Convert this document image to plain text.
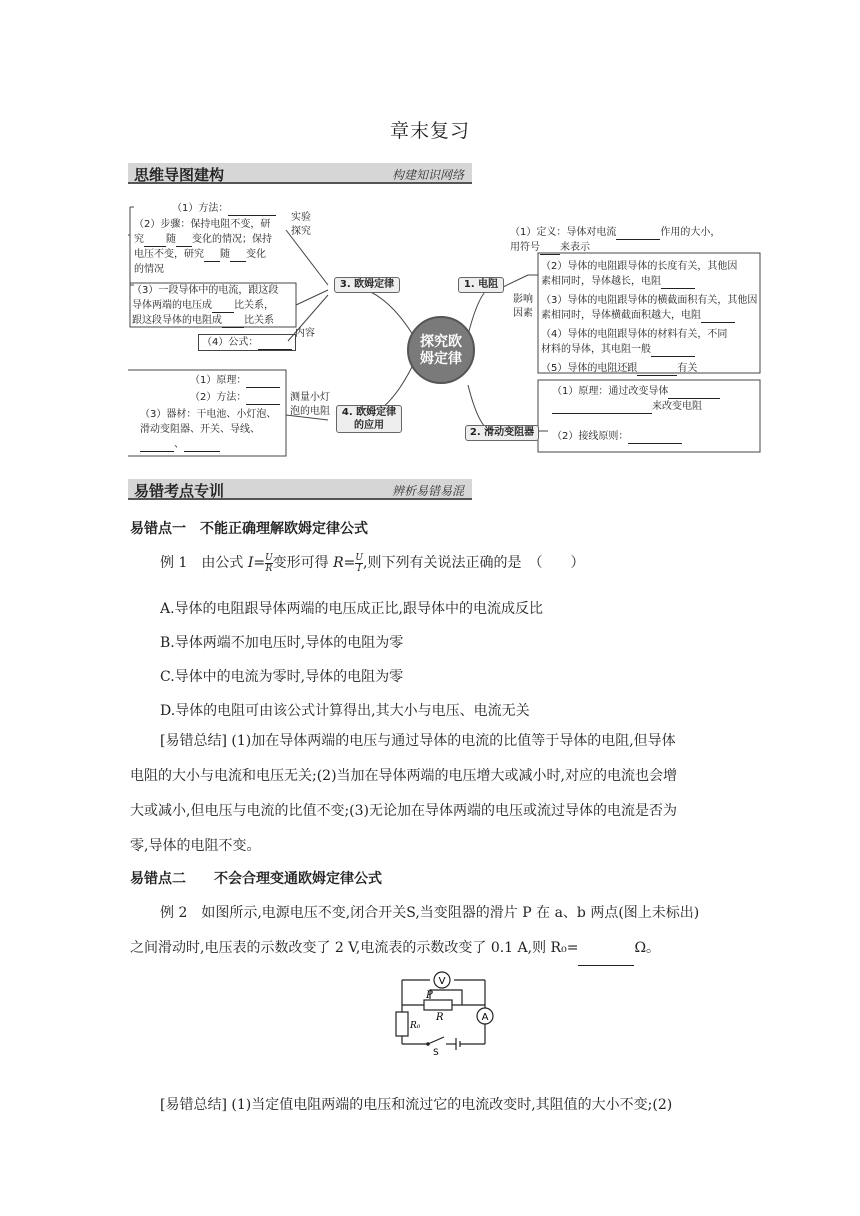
章末复习
思维导图建构	构建知识网络
探究欧
姆定律
3. 欧姆定律	1. 电阻
4. 欧姆定律
的应用
2. 滑动变阻器
实验
探究
内容
测量小灯
泡的电阻
影响
因素
（1）方法：
（2）步骤：保持电阻不变，研
究 随 变化的情况；保持
电压不变，研究 随 变化
的情况
（3）一段导体中的电流，跟这段
导体两端的电压成 比关系，
跟这段导体的电阻成 比关系
（4）公式：
（1）原理：
（2）方法：
（3）器材：干电池、小灯泡、
滑动变阻器、开关、导线、
、
（1）定义：导体对电流	作用的大小，
用符号 来表示
（2）导体的电阻跟导体的长度有关，其他因
素相同时，导体越长，电阻
（3）导体的电阻跟导体的横截面积有关，其他因
素相同时，导体横截面积越大，电阻
（4）导体的电阻跟导体的材料有关，不同
材料的导体，其电阻一般
（5）导体的电阻还跟	有关
（1）原理：通过改变导体
来改变电阻
（2）接线原则：
易错考点专训	辨析易错易混
易错点一　不能正确理解欧姆定律公式
例 1　由公式 $I= \frac{U}{R}$ 变形可得 $R= \frac{U}{I}$ ,则下列有关说法正确的是　（　　）
A.导体的电阻跟导体两端的电压成正比,跟导体中的电流成反比
B.导体两端不加电压时,导体的电阻为零
C.导体中的电流为零时,导体的电阻为零
D.导体的电阻可由该公式计算得出,其大小与电压、电流无关
[易错总结] (1)加在导体两端的电压与通过导体的电流的比值等于导体的电阻,但导体
电阻的大小与电流和电压无关;(2)当加在导体两端的电压增大或减小时,对应的电流也会增
大或减小,但电压与电流的比值不变;(3)无论加在导体两端的电压或流过导体的电流是否为
零,导体的电阻不变。
易错点二　　不会合理变通欧姆定律公式
例 2　如图所示,电源电压不变,闭合开关S,当变阻器的滑片 P 在 a、b 两点(图上未标出)
之间滑动时,电压表的示数改变了 2 V,电流表的示数改变了 0.1 A,则 R₀=	Ω。
V
A
P
R
R₀
S
[易错总结] (1)当定值电阻两端的电压和流过它的电流改变时,其阻值的大小不变;(2)
